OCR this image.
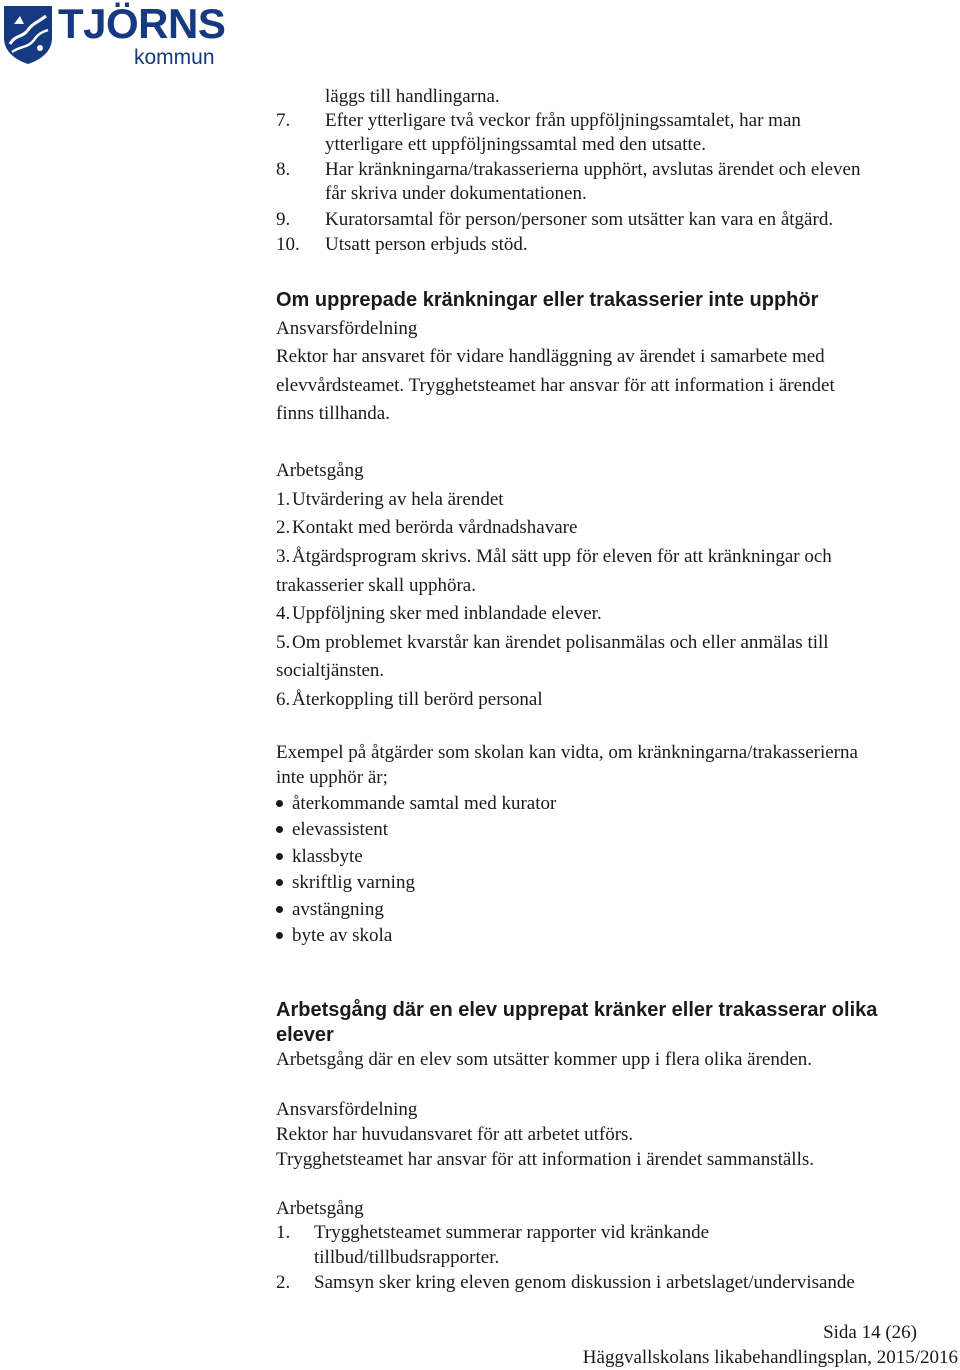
TJÖRNS
kommun
läggs till handlingarna.
7. Efter ytterligare två veckor från uppföljningssamtalet, har man
ytterligare ett uppföljningssamtal med den utsatte.
8. Har kränkningarna/trakasserierna upphört, avslutas ärendet och eleven
får skriva under dokumentationen.
9. Kuratorsamtal för person/personer som utsätter kan vara en åtgärd.
10. Utsatt person erbjuds stöd.
Om upprepade kränkningar eller trakasserier inte upphör
Ansvarsfördelning
Rektor har ansvaret för vidare handläggning av ärendet i samarbete med
elevvårdsteamet. Trygghetsteamet har ansvar för att information i ärendet
finns tillhanda.
Arbetsgång
1. Utvärdering av hela ärendet
2. Kontakt med berörda vårdnadshavare
3. Åtgärdsprogram skrivs. Mål sätt upp för eleven för att kränkningar och
trakasserier skall upphöra.
4. Uppföljning sker med inblandade elever.
5. Om problemet kvarstår kan ärendet polisanmälas och eller anmälas till
socialtjänsten.
6. Återkoppling till berörd personal
Exempel på åtgärder som skolan kan vidta, om kränkningarna/trakasserierna
inte upphör är;
återkommande samtal med kurator
elevassistent
klassbyte
skriftlig varning
avstängning
byte av skola
Arbetsgång där en elev upprepat kränker eller trakasserar olika
elever
Arbetsgång där en elev som utsätter kommer upp i flera olika ärenden.
Ansvarsfördelning
Rektor har huvudansvaret för att arbetet utförs.
Trygghetsteamet har ansvar för att information i ärendet sammanställs.
Arbetsgång
1. Trygghetsteamet summerar rapporter vid kränkande
tillbud/tillbudsrapporter.
2. Samsyn sker kring eleven genom diskussion i arbetslaget/undervisande
Sida 14 (26)
Häggvallskolans likabehandlingsplan, 2015/2016
